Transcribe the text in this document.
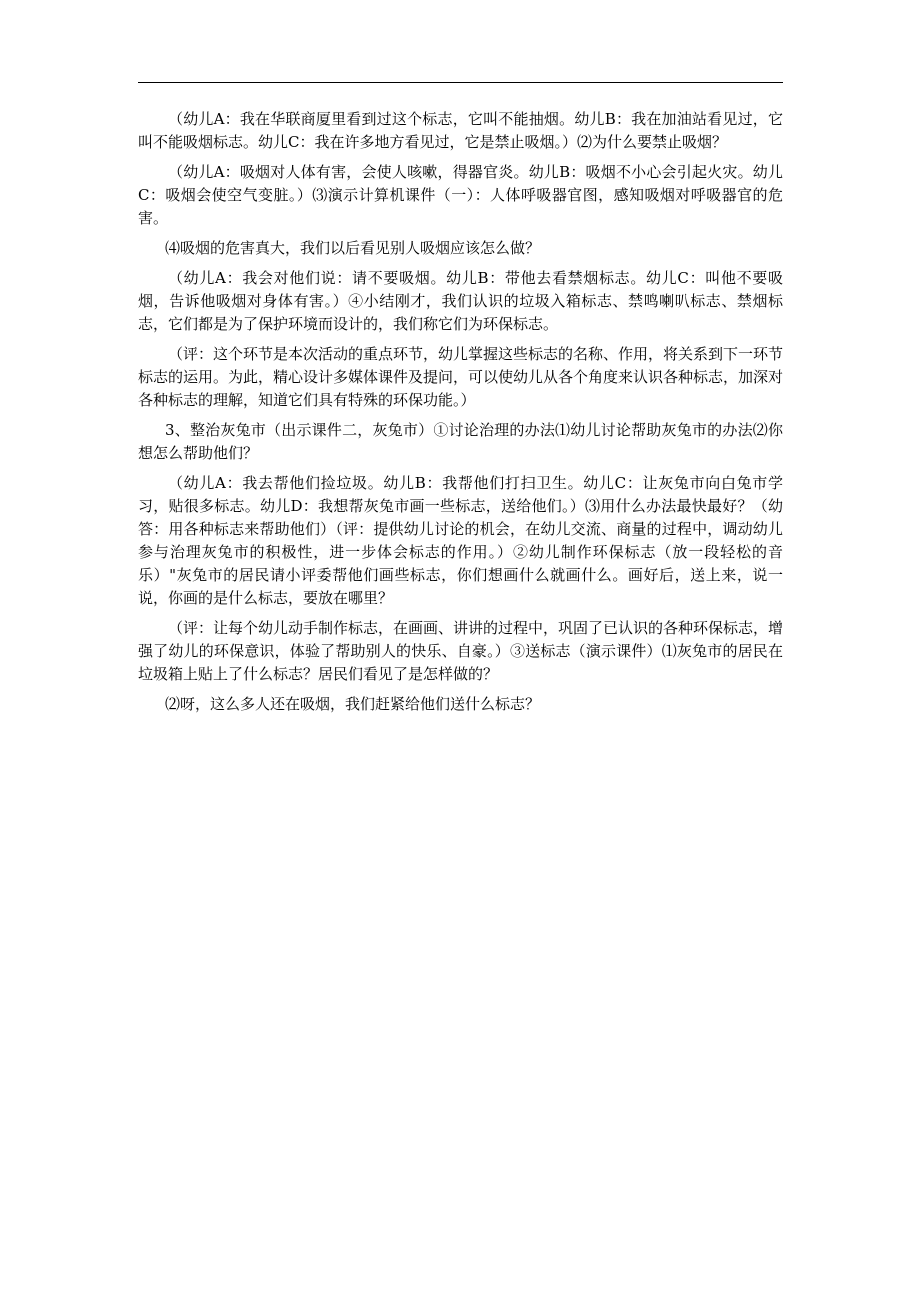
（幼儿A：我在华联商厦里看到过这个标志，它叫不能抽烟。幼儿B：我在加油站看见过，它叫不能吸烟标志。幼儿C：我在许多地方看见过，它是禁止吸烟。）⑵为什么要禁止吸烟？

（幼儿A：吸烟对人体有害，会使人咳嗽，得器官炎。幼儿B：吸烟不小心会引起火灾。幼儿C：吸烟会使空气变脏。）⑶演示计算机课件（一）：人体呼吸器官图，感知吸烟对呼吸器官的危害。

⑷吸烟的危害真大，我们以后看见别人吸烟应该怎么做？

（幼儿A：我会对他们说：请不要吸烟。幼儿B：带他去看禁烟标志。幼儿C：叫他不要吸烟，告诉他吸烟对身体有害。）④小结刚才，我们认识的垃圾入箱标志、禁鸣喇叭标志、禁烟标志，它们都是为了保护环境而设计的，我们称它们为环保标志。

（评：这个环节是本次活动的重点环节，幼儿掌握这些标志的名称、作用，将关系到下一环节标志的运用。为此，精心设计多媒体课件及提问，可以使幼儿从各个角度来认识各种标志，加深对各种标志的理解，知道它们具有特殊的环保功能。）

3、整治灰兔市（出示课件二，灰兔市）①讨论治理的办法⑴幼儿讨论帮助灰兔市的办法⑵你想怎么帮助他们？

（幼儿A：我去帮他们捡垃圾。幼儿B：我帮他们打扫卫生。幼儿C：让灰兔市向白兔市学习，贴很多标志。幼儿D：我想帮灰兔市画一些标志，送给他们。）⑶用什么办法最快最好？（幼答：用各种标志来帮助他们）（评：提供幼儿讨论的机会，在幼儿交流、商量的过程中，调动幼儿参与治理灰兔市的积极性，进一步体会标志的作用。）②幼儿制作环保标志（放一段轻松的音乐）"灰兔市的居民请小评委帮他们画些标志，你们想画什么就画什么。画好后，送上来，说一说，你画的是什么标志，要放在哪里？

（评：让每个幼儿动手制作标志，在画画、讲讲的过程中，巩固了已认识的各种环保标志，增强了幼儿的环保意识，体验了帮助别人的快乐、自豪。）③送标志（演示课件）⑴灰兔市的居民在垃圾箱上贴上了什么标志？居民们看见了是怎样做的？

⑵呀，这么多人还在吸烟，我们赶紧给他们送什么标志？
